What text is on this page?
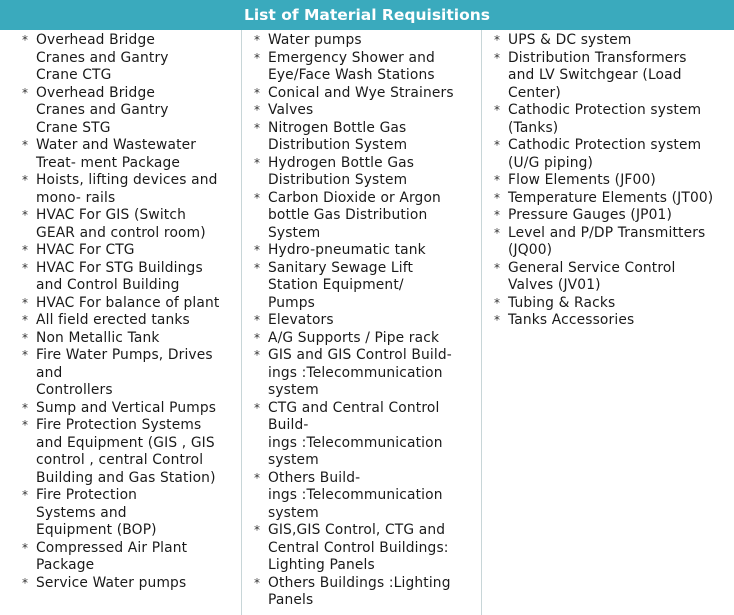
List of Material Requisitions
* Overhead Bridge
Cranes and Gantry
Crane CTG
* Overhead Bridge
Cranes and Gantry
Crane STG
* Water and Wastewater
Treat- ment Package
* Hoists, lifting devices and
mono- rails
* HVAC For GIS (Switch
GEAR and control room)
* HVAC For CTG
* HVAC For STG Buildings
and Control Building
* HVAC For balance of plant
* All field erected tanks
* Non Metallic Tank
* Fire Water Pumps, Drives
and
Controllers
* Sump and Vertical Pumps
* Fire Protection Systems
and Equipment (GIS , GIS
control , central Control
Building and Gas Station)
* Fire Protection
Systems and
Equipment (BOP)
* Compressed Air Plant
Package
* Service Water pumps
* Water pumps
* Emergency Shower and
Eye/Face Wash Stations
* Conical and Wye Strainers
* Valves
* Nitrogen Bottle Gas
Distribution System
* Hydrogen Bottle Gas
Distribution System
* Carbon Dioxide or Argon
bottle Gas Distribution
System
* Hydro-pneumatic tank
* Sanitary Sewage Lift
Station Equipment/
Pumps
* Elevators
* A/G Supports / Pipe rack
* GIS and GIS Control Build-
ings :Telecommunication
system
* CTG and Central Control
Build-
ings :Telecommunication
system
* Others Build-
ings :Telecommunication
system
* GIS,GIS Control, CTG and
Central Control Buildings:
Lighting Panels
* Others Buildings :Lighting
Panels
* UPS & DC system
* Distribution Transformers
and LV Switchgear (Load
Center)
* Cathodic Protection system
(Tanks)
* Cathodic Protection system
(U/G piping)
* Flow Elements (JF00)
* Temperature Elements (JT00)
* Pressure Gauges (JP01)
* Level and P/DP Transmitters
(JQ00)
* General Service Control
Valves (JV01)
* Tubing & Racks
* Tanks Accessories
